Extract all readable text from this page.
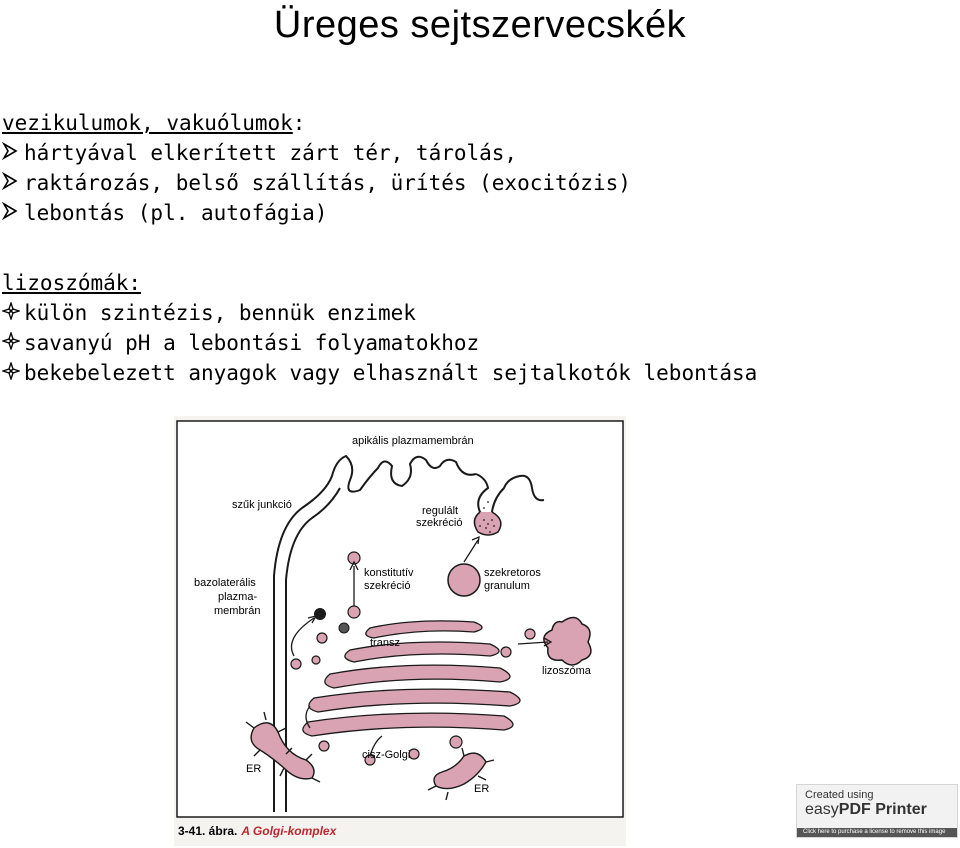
Üreges sejtszervecskék
vezikulumok, vakuólumok :
hártyával elkerített zárt tér, tárolás,
raktározás, belső szállítás, ürítés (exocitózis)
lebontás (pl. autofágia)
lizoszómák:
külön szintézis, bennük enzimek
savanyú pH a lebontási folyamatokhoz
bekebelezett anyagok vagy elhasznált sejtalkotók lebontása
apikális plazmamembrán
szűk junkció	regulált
szekréció
bazolaterális
plazma-
membrán
konstitutív
szekréció
szekretoros
granulum
transz
lizoszóma
cisz-Golgi
ER
ER
3-41. ábra. A Golgi-komplex
Created using
easyPDF Printer
Click here to purchase a license to remove this image
